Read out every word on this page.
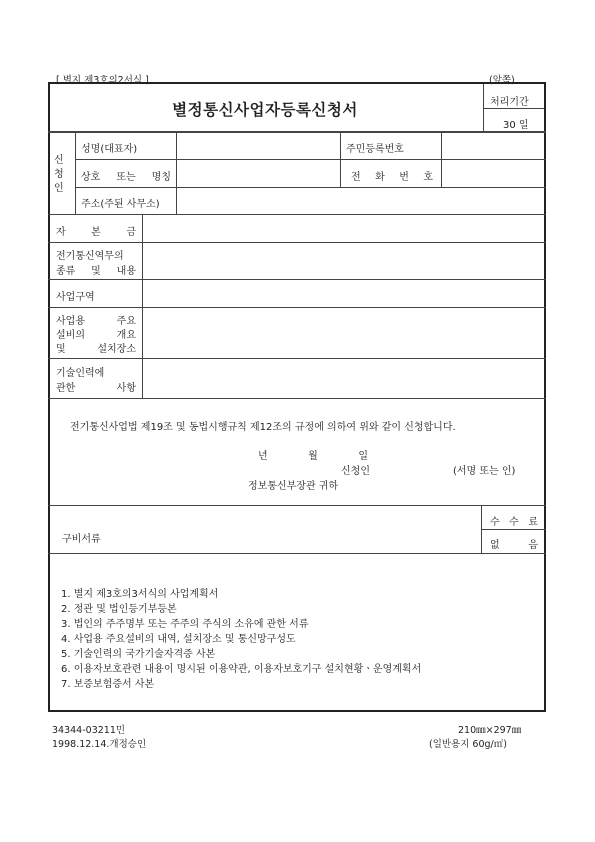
[ 별지 제3호의2서식 ]	(앞쪽)
별정통신사업자등록신청서	처리기간
30 일
신
청
인
성명(대표자)	주민등록번호
상호 또는 명칭	전 화 번 호
주소(주된 사무소)
자	본	금
전기통신역무의
종류 및 내용
사업구역
사업용	주요
설비의	개요
및	설치장소
기술인력에
관한	사항
전기통신사업법 제19조 및 동법시행규칙 제12조의 규정에 의하여 위와 같이 신청합니다.
년	월	일
신청인	(서명 또는 인)
정보통신부장관 귀하
구비서류
수 수 료
없	음
1. 별지 제3호의3서식의 사업계획서
2. 정관 및 법인등기부등본
3. 법인의 주주명부 또는 주주의 주식의 소유에 관한 서류
4. 사업용 주요설비의 내역, 설치장소 및 통신망구성도
5. 기술인력의 국가기술자격증 사본
6. 이용자보호관련 내용이 명시된 이용약관, 이용자보호기구 설치현황ㆍ운영계획서
7. 보증보험증서 사본
34344-03211민
1998.12.14.개정승인
210㎜×297㎜
(일반용지 60g/㎡)
